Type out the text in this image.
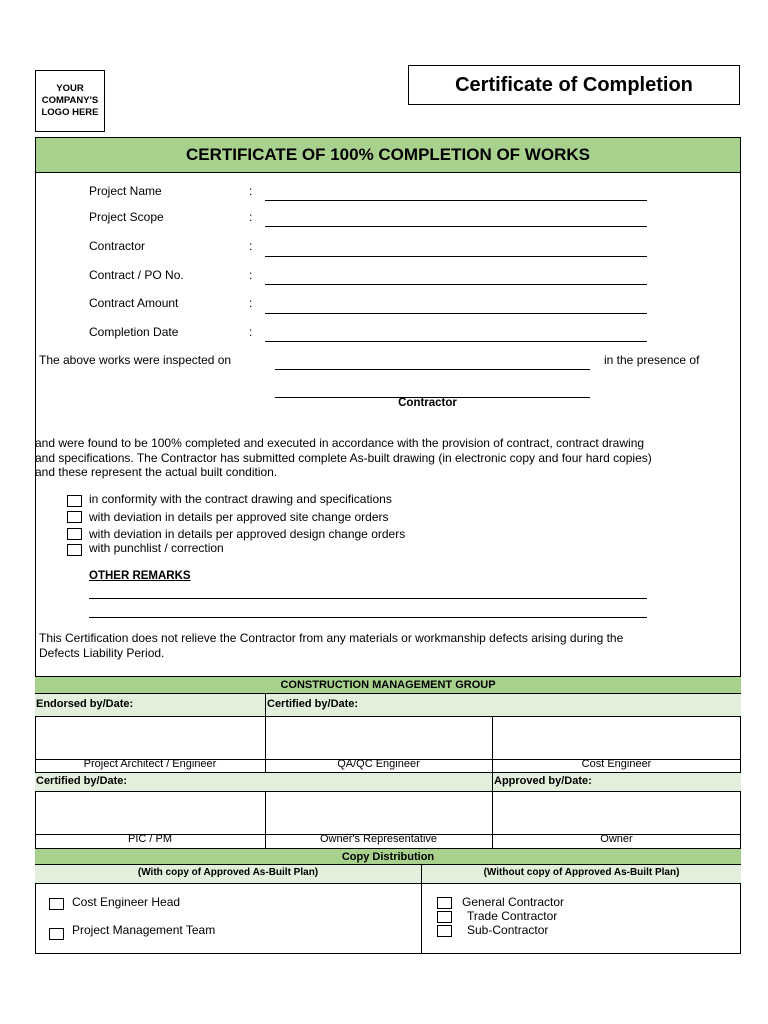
YOUR
COMPANY'S
LOGO HERE
Certificate of Completion
CERTIFICATE OF 100% COMPLETION OF WORKS
Project Name	:
Project Scope	:
Contractor	:
Contract / PO No.	:
Contract Amount	:
Completion Date	:
The above works were inspected on	in the presence of
Contractor
and were found to be 100% completed and executed in accordance with the provision of contract, contract drawing
and specifications. The Contractor has submitted complete As-built drawing (in electronic copy and four hard copies)
and these represent the actual built condition.
in conformity with the contract drawing and specifications
with deviation in details per approved site change orders
with deviation in details per approved design change orders
with punchlist / correction
OTHER REMARKS
This Certification does not relieve the Contractor from any materials or workmanship defects arising during the
Defects Liability Period.
CONSTRUCTION MANAGEMENT GROUP
Endorsed by/Date:	Certified by/Date:
Project Architect / Engineer	QA/QC Engineer	Cost Engineer
Certified by/Date:	Approved by/Date:
PIC / PM	Owner's Representative	Owner
Copy Distribution
(With copy of Approved As-Built Plan)	(Without copy of Approved As-Built Plan)
Cost Engineer Head
Project Management Team
General Contractor
Trade Contractor
Sub-Contractor
